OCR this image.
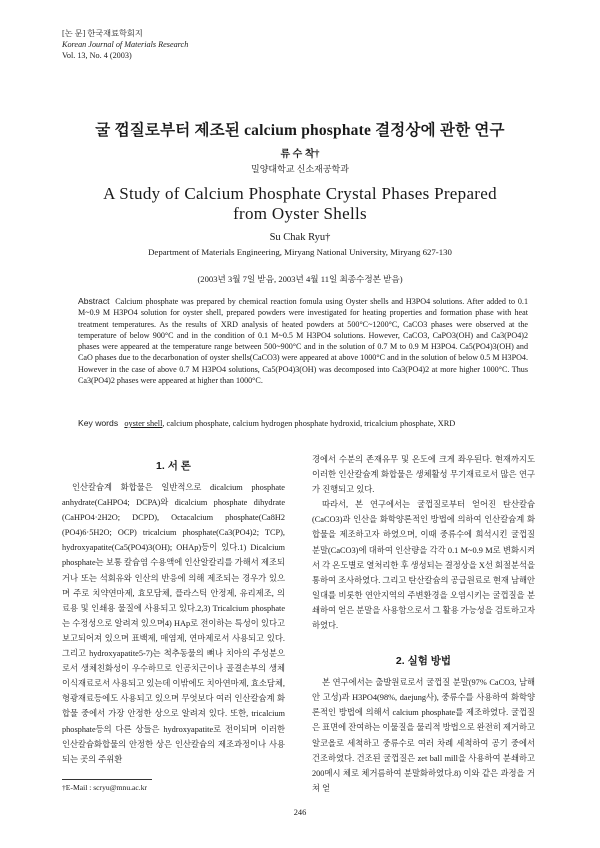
[논 문] 한국재료학회지
Korean Journal of Materials Research
Vol. 13, No. 4 (2003)
굴 껍질로부터 제조된 calcium phosphate 결정상에 관한 연구
류 수 착†
밀양대학교 신소재공학과
A Study of Calcium Phosphate Crystal Phases Prepared
from Oyster Shells
Su Chak Ryu†
Department of Materials Engineering, Miryang National University, Miryang 627-130
(2003년 3월 7일 받음, 2003년 4월 11일 최종수정본 받음)
Abstract Calcium phosphate was prepared by chemical reaction fomula using Oyster shells and H3PO4 solutions. After added to 0.1 M~0.9 M H3PO4 solution for oyster shell, prepared powders were investigated for heating properties and formation phase with heat treatment temperatures. As the results of XRD analysis of heated powders at 500°C~1200°C, CaCO3 phases were observed at the temperature of below 900°C and in the condition of 0.1 M~0.5 M H3PO4 solutions. However, CaCO3, CaPO3(OH) and Ca3(PO4)2 phases were appeared at the temperature range between 500~900°C and in the solution of 0.7 M to 0.9 M H3PO4. Ca5(PO4)3(OH) and CaO phases due to the decarbonation of oyster shells(CaCO3) were appeared at above 1000°C and in the solution of below 0.5 M H3PO4. However in the case of above 0.7 M H3PO4 solutions, Ca5(PO4)3(OH) was decomposed into Ca3(PO4)2 at more higher 1000°C. Thus Ca3(PO4)2 phases were appeared at higher than 1000°C.
Key words oyster shell, calcium phosphate, calcium hydrogen phosphate hydroxid, tricalcium phosphate, XRD
1. 서 론

인산칼슘계 화합물은 일반적으로 dicalcium phosphate anhydrate(CaHPO4; DCPA)와 dicalcium phosphate dihydrate (CaHPO4·2H2O; DCPD), Octacalcium phosphate(Ca8H2 (PO4)6·5H2O; OCP) tricalcium phosphate(Ca3(PO4)2; TCP), hydroxyapatite(Ca5(PO4)3(OH); OHAp)등이 있다.1) Dicalcium phosphate는 보통 칼슘염 수용액에 인산알칼리를 가해서 제조되거나 또는 석회유와 인산의 반응에 의해 제조되는 경우가 있으며 주로 치약연마제, 효모담체, 플라스틱 안정제, 유리제조, 의료용 및 인쇄용 물질에 사용되고 있다.2,3) Tricalcium phosphate는 수정성으로 알려져 있으며4) HAp로 전이하는 특성이 있다고 보고되어져 있으며 표백제, 매염제, 연마제로서 사용되고 있다. 그리고 hydroxyapatite5-7)는 척추동물의 뼈나 치아의 주성분으로서 생체친화성이 우수하므로 인공치근이나 골결손부의 생체이식재료로서 사용되고 있는데 이밖에도 치아연마제, 효소담체, 형광재료등에도 사용되고 있으며 무엇보다 여러 인산칼슘계 화합물 중에서 가장 안정한 상으로 알려져 있다. 또한, tricalcium phosphate등의 다른 상들은 hydroxyapatite로 전이되며 이러한 인산칼슘화합물의 안정한 상은 인산칼슘의 제조과정이나 사용되는 곳의 주위환

경에서 수분의 존재유무 및 온도에 크게 좌우된다. 현재까지도 이러한 인산칼슘계 화합물은 생체활성 무기재료로서 많은 연구가 진행되고 있다.

따라서, 본 연구에서는 굴껍질로부터 얻어진 탄산칼슘(CaCO3)과 인산을 화학양론적인 방법에 의하여 인산칼슘계 화합물을 제조하고자 하였으며, 이때 중류수에 희석시킨 굴껍질 분말(CaCO3)에 대하여 인산량을 각각 0.1 M~0.9 M로 변화시켜서 각 온도별로 열처리한 후 생성되는 결정상을 X선 회절분석을 통하여 조사하였다. 그리고 탄산칼슘의 공급원료로 현재 남해안 일대를 비롯한 연안지역의 주변환경을 오염시키는 굴껍질을 분쇄하여 얻은 분말을 사용함으로서 그 활용 가능성을 검토하고자 하였다.

2. 실험 방법

본 연구에서는 출발원료로서 굴껍질 분말(97% CaCO3, 남해안 고성)과 H3PO4(98%, daejung사), 중류수를 사용하여 화학양론적인 방법에 의해서 calcium phosphate를 제조하였다. 굴껍질은 표면에 잔여하는 이물질을 물리적 방법으로 완전히 제거하고 알코올로 세척하고 중류수로 여러 차례 세척하여 공기 중에서 건조하였다. 건조된 굴껍질은 zet ball mill을 사용하여 분쇄하고 200메시 체로 체거름하여 분말화하였다.8) 이와 같은 과정을 거쳐 얻

†E-Mail : scryu@mnu.ac.kr
246
